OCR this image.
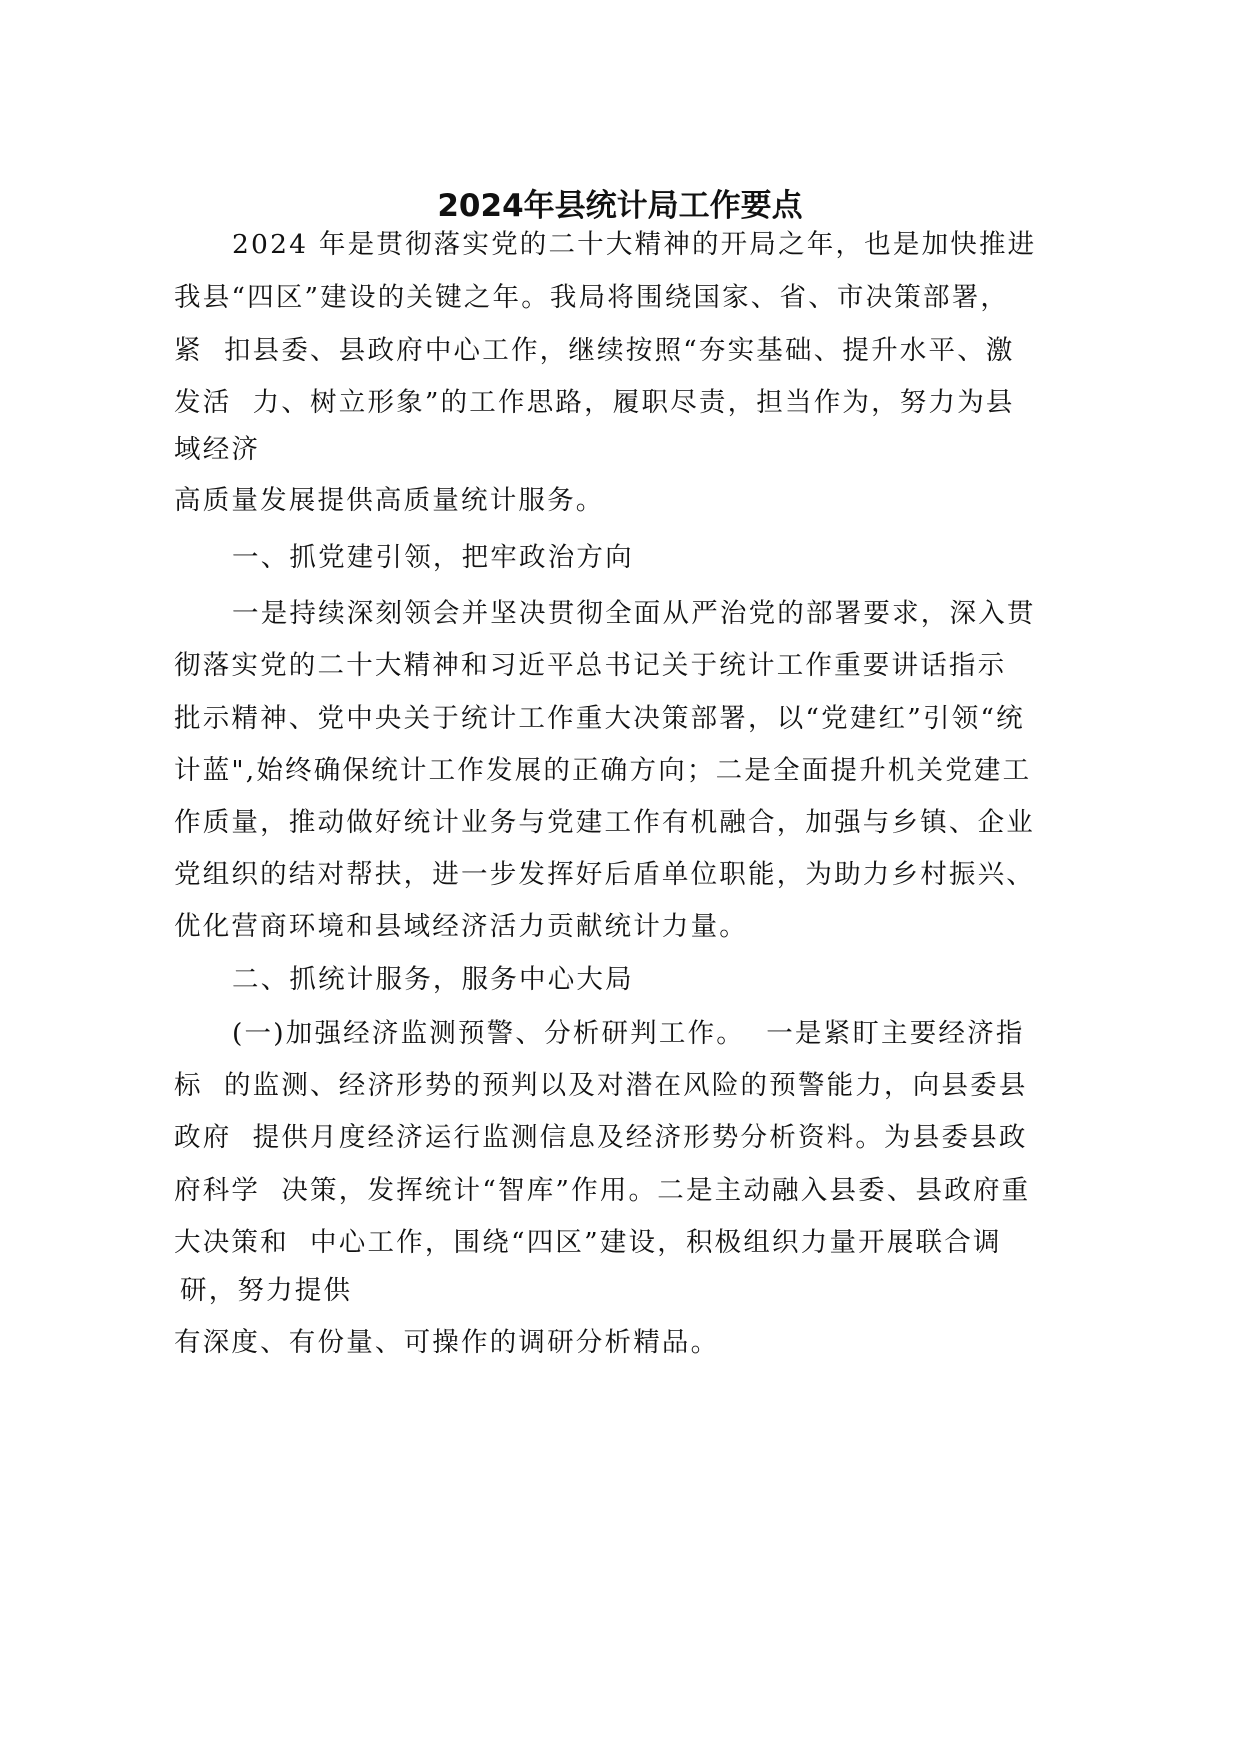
2024年县统计局工作要点
2024 年是贯彻落实党的二十大精神的开局之年，也是加快推进
我县“四区”建设的关键之年。我局将围绕国家、省、市决策部署，
紧  扣县委、县政府中心工作，继续按照“夯实基础、提升水平、激
发活  力、树立形象”的工作思路，履职尽责，担当作为，努力为县
域经济
高质量发展提供高质量统计服务。
一、抓党建引领，把牢政治方向
一是持续深刻领会并坚决贯彻全面从严治党的部署要求，深入贯
彻落实党的二十大精神和习近平总书记关于统计工作重要讲话指示
批示精神、党中央关于统计工作重大决策部署，以“党建红”引领“统
计蓝",始终确保统计工作发展的正确方向；二是全面提升机关党建工
作质量，推动做好统计业务与党建工作有机融合，加强与乡镇、企业
党组织的结对帮扶，进一步发挥好后盾单位职能，为助力乡村振兴、
优化营商环境和县域经济活力贡献统计力量。
二、抓统计服务，服务中心大局
(一)加强经济监测预警、分析研判工作。  一是紧盯主要经济指
标  的监测、经济形势的预判以及对潜在风险的预警能力，向县委县
政府  提供月度经济运行监测信息及经济形势分析资料。为县委县政
府科学  决策，发挥统计“智库”作用。二是主动融入县委、县政府重
大决策和  中心工作，围绕“四区”建设，积极组织力量开展联合调
研，努力提供
有深度、有份量、可操作的调研分析精品。
